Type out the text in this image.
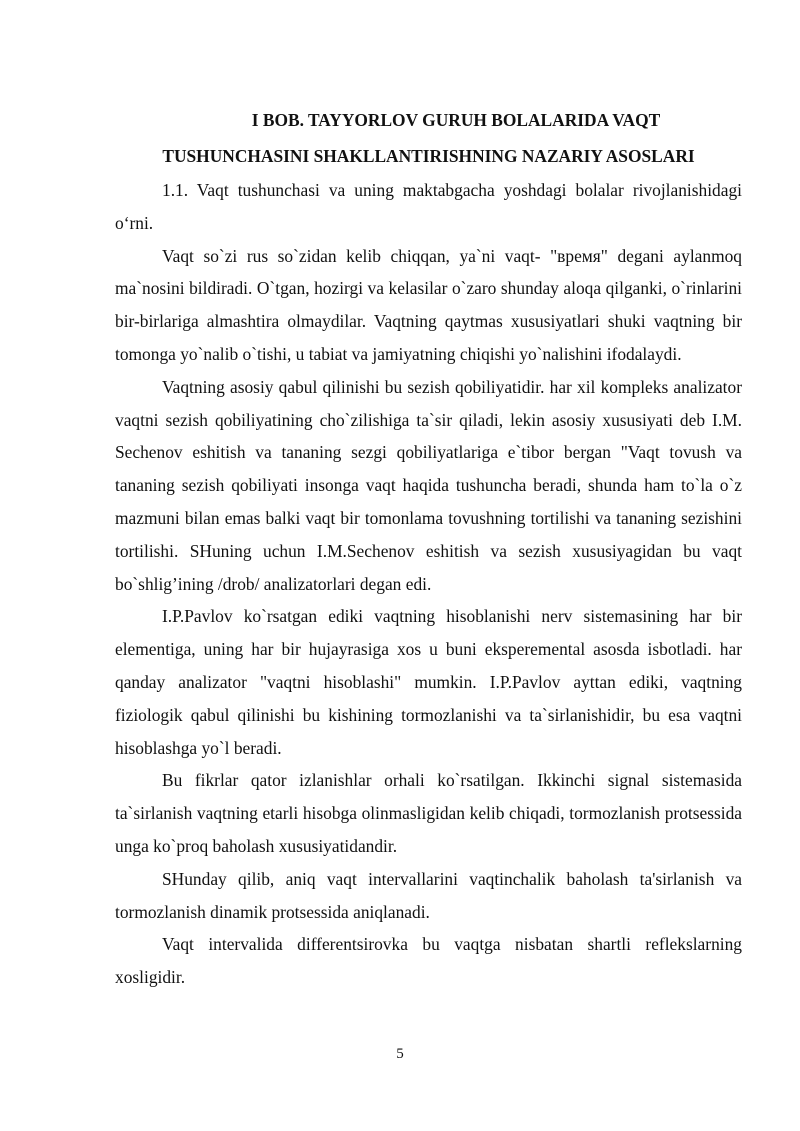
I BOB. TAYYORLOV GURUH BOLALARIDA VAQT
TUSHUNCHASINI SHAKLLANTIRISHNING NAZARIY ASOSLARI

1.1. Vaqt tushunchasi va uning maktabgacha yoshdagi bolalar rivojlanishidagi o‘rni.

Vaqt so`zi rus so`zidan kelib chiqqan, ya`ni vaqt- "время" degani aylanmoq ma`nosini bildiradi. O`tgan, hozirgi va kelasilar o`zaro shunday aloqa qilganki, o`rinlarini bir-birlariga almashtira olmaydilar. Vaqtning qaytmas xususiyatlari shuki vaqtning bir tomonga yo`nalib o`tishi, u tabiat va jamiyatning chiqishi yo`nalishini ifodalaydi.

Vaqtning asosiy qabul qilinishi bu sezish qobiliyatidir. har xil kompleks analizator vaqtni sezish qobiliyatining cho`zilishiga ta`sir qiladi, lekin asosiy xususiyati deb I.M. Sechenov eshitish va tananing sezgi qobiliyatlariga e`tibor bergan "Vaqt tovush va tananing sezish qobiliyati insonga vaqt haqida tushuncha beradi, shunda ham to`la o`z mazmuni bilan emas balki vaqt bir tomonlama tovushning tortilishi va tananing sezishini tortilishi. SHuning uchun I.M.Sechenov eshitish va sezish xususiyagidan bu vaqt bo`shlig’ining /drob/ analizatorlari degan edi.

I.P.Pavlov ko`rsatgan ediki vaqtning hisoblanishi nerv sistemasining har bir elementiga, uning har bir hujayrasiga xos u buni eksperemental asosda isbotladi. har qanday analizator "vaqtni hisoblashi" mumkin. I.P.Pavlov ayttan ediki, vaqtning fiziologik qabul qilinishi bu kishining tormozlanishi va ta`sirlanishidir, bu esa vaqtni hisoblashga yo`l beradi.

Bu fikrlar qator izlanishlar orhali ko`rsatilgan. Ikkinchi signal sistemasida ta`sirlanish vaqtning etarli hisobga olinmasligidan kelib chiqadi, tormozlanish protsessida unga ko`proq baholash xususiyatidandir.

SHunday qilib, aniq vaqt intervallarini vaqtinchalik baholash ta'sirlanish va tormozlanish dinamik protsessida aniqlanadi.

Vaqt intervalida differentsirovka bu vaqtga nisbatan shartli reflekslarning xosligidir.

5
